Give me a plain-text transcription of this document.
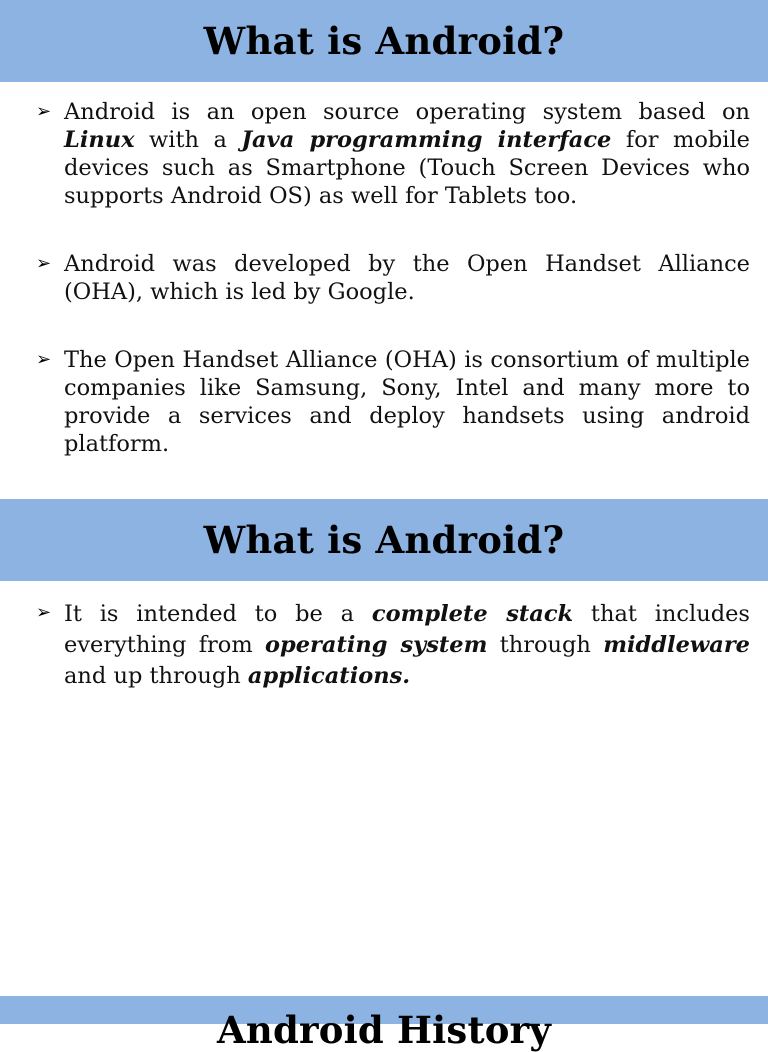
What is Android?
➢ Android is an open source operating system based on Linux with a Java programming interface for mobile devices such as Smartphone (Touch Screen Devices who supports Android OS) as well for Tablets too.
➢ Android was developed by the Open Handset Alliance (OHA), which is led by Google.
➢ The Open Handset Alliance (OHA) is consortium of multiple companies like Samsung, Sony, Intel and many more to provide a services and deploy handsets using android platform.
What is Android?
➢ It is intended to be a complete stack that includes everything from operating system through middleware and up through applications.
Android History
